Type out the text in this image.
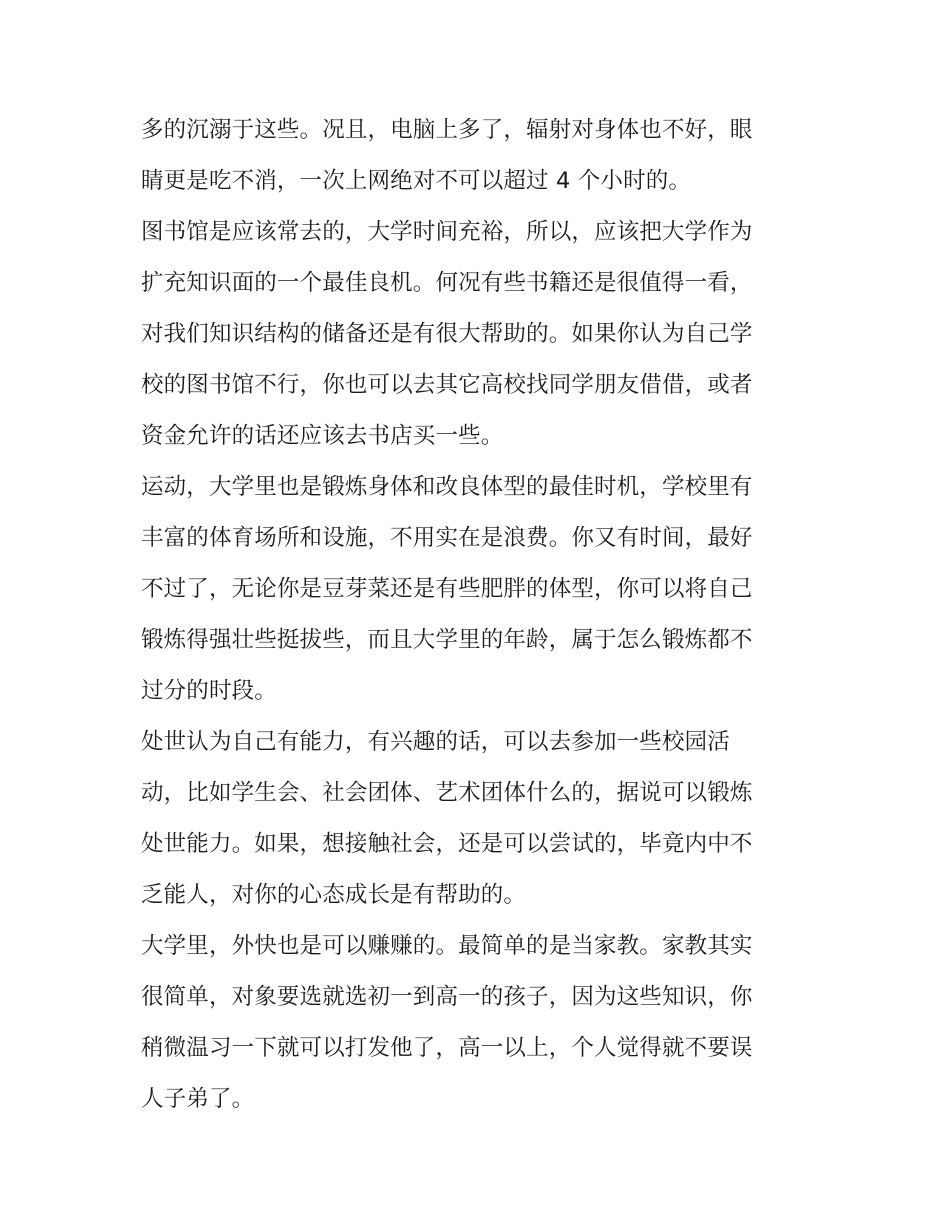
多的沉溺于这些。况且，电脑上多了，辐射对身体也不好，眼
睛更是吃不消，一次上网绝对不可以超过 4 个小时的。
图书馆是应该常去的，大学时间充裕，所以，应该把大学作为
扩充知识面的一个最佳良机。何况有些书籍还是很值得一看，
对我们知识结构的储备还是有很大帮助的。如果你认为自己学
校的图书馆不行，你也可以去其它高校找同学朋友借借，或者
资金允许的话还应该去书店买一些。
运动，大学里也是锻炼身体和改良体型的最佳时机，学校里有
丰富的体育场所和设施，不用实在是浪费。你又有时间，最好
不过了，无论你是豆芽菜还是有些肥胖的体型，你可以将自己
锻炼得强壮些挺拔些，而且大学里的年龄，属于怎么锻炼都不
过分的时段。
处世认为自己有能力，有兴趣的话，可以去参加一些校园活
动，比如学生会、社会团体、艺术团体什么的，据说可以锻炼
处世能力。如果，想接触社会，还是可以尝试的，毕竟内中不
乏能人，对你的心态成长是有帮助的。
大学里，外快也是可以赚赚的。最简单的是当家教。家教其实
很简单，对象要选就选初一到高一的孩子，因为这些知识，你
稍微温习一下就可以打发他了，高一以上，个人觉得就不要误
人子弟了。
